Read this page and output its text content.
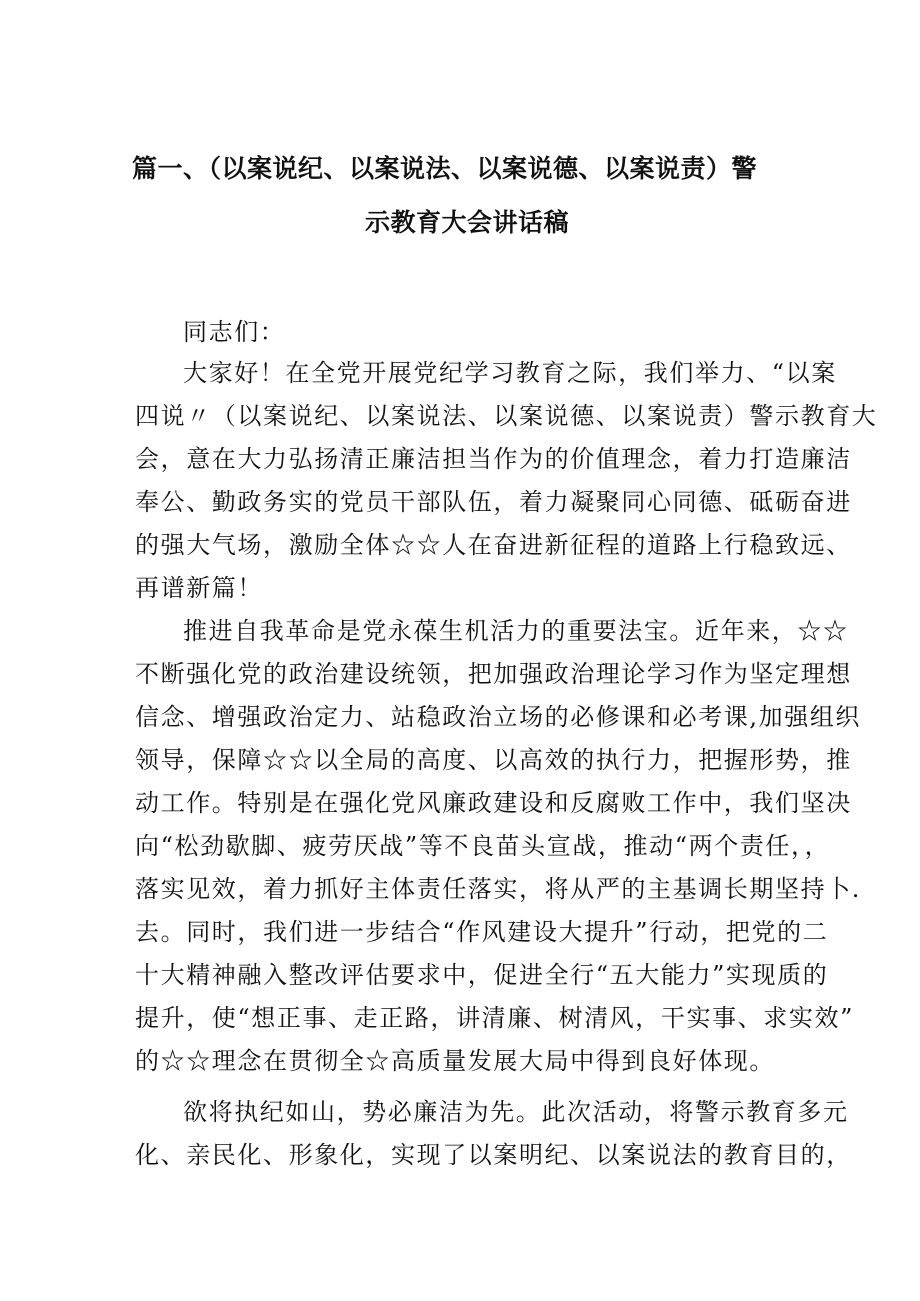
篇一、（以案说纪、以案说法、以案说德、以案说责）警
示教育大会讲话稿
同志们：
大家好！在全党开展党纪学习教育之际，我们举力、“以案
四说〃（以案说纪、以案说法、以案说德、以案说责）警示教育大
会，意在大力弘扬清正廉洁担当作为的价值理念，着力打造廉洁
奉公、勤政务实的党员干部队伍，着力凝聚同心同德、砥砺奋进
的强大气场，激励全体☆☆人在奋进新征程的道路上行稳致远、
再谱新篇！
推进自我革命是党永葆生机活力的重要法宝。近年来，☆☆
不断强化党的政治建设统领，把加强政治理论学习作为坚定理想
信念、增强政治定力、站稳政治立场的必修课和必考课,加强组织
领导，保障☆☆以全局的高度、以高效的执行力，把握形势，推
动工作。特别是在强化党风廉政建设和反腐败工作中，我们坚决
向“松劲歇脚、疲劳厌战”等不良苗头宣战，推动“两个责任，，
落实见效，着力抓好主体责任落实，将从严的主基调长期坚持卜.
去。同时，我们进一步结合“作风建设大提升”行动，把党的二
十大精神融入整改评估要求中，促进全行“五大能力”实现质的
提升，使“想正事、走正路，讲清廉、树清风，干实事、求实效”
的☆☆理念在贯彻全☆高质量发展大局中得到良好体现。
欲将执纪如山，势必廉洁为先。此次活动，将警示教育多元
化、亲民化、形象化，实现了以案明纪、以案说法的教育目的，
